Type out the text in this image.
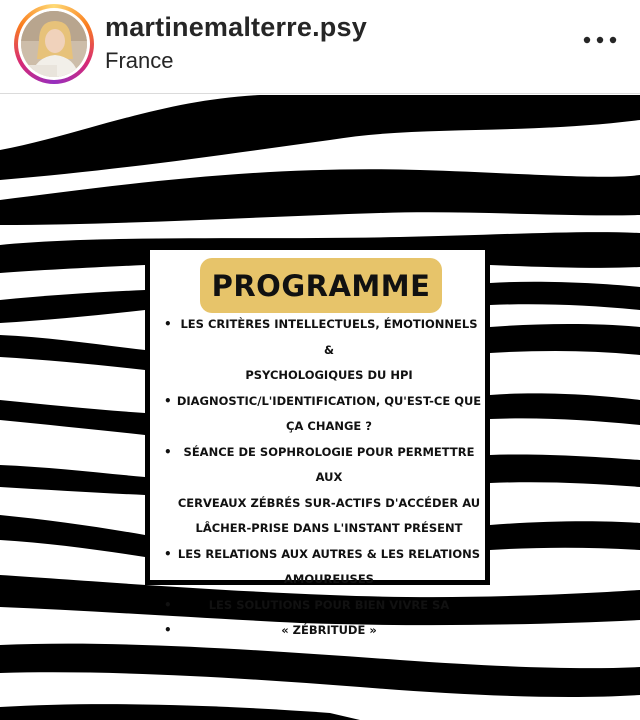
martinemalterre.psy
France
PROGRAMME
• LES CRITÈRES INTELLECTUELS, ÉMOTIONNELS &
PSYCHOLOGIQUES DU HPI
• DIAGNOSTIC/L'IDENTIFICATION, QU'EST-CE QUE
ÇA CHANGE ?
•	SÉANCE DE SOPHROLOGIE POUR PERMETTRE AUX
CERVEAUX ZÉBRÉS SUR-ACTIFS D'ACCÉDER AU
LÂCHER-PRISE DANS L'INSTANT PRÉSENT
• LES RELATIONS AUX AUTRES & LES RELATIONS
AMOUREUSES
•	LES SOLUTIONS POUR BIEN VIVRE SA
•	« ZÉBRITUDE »
